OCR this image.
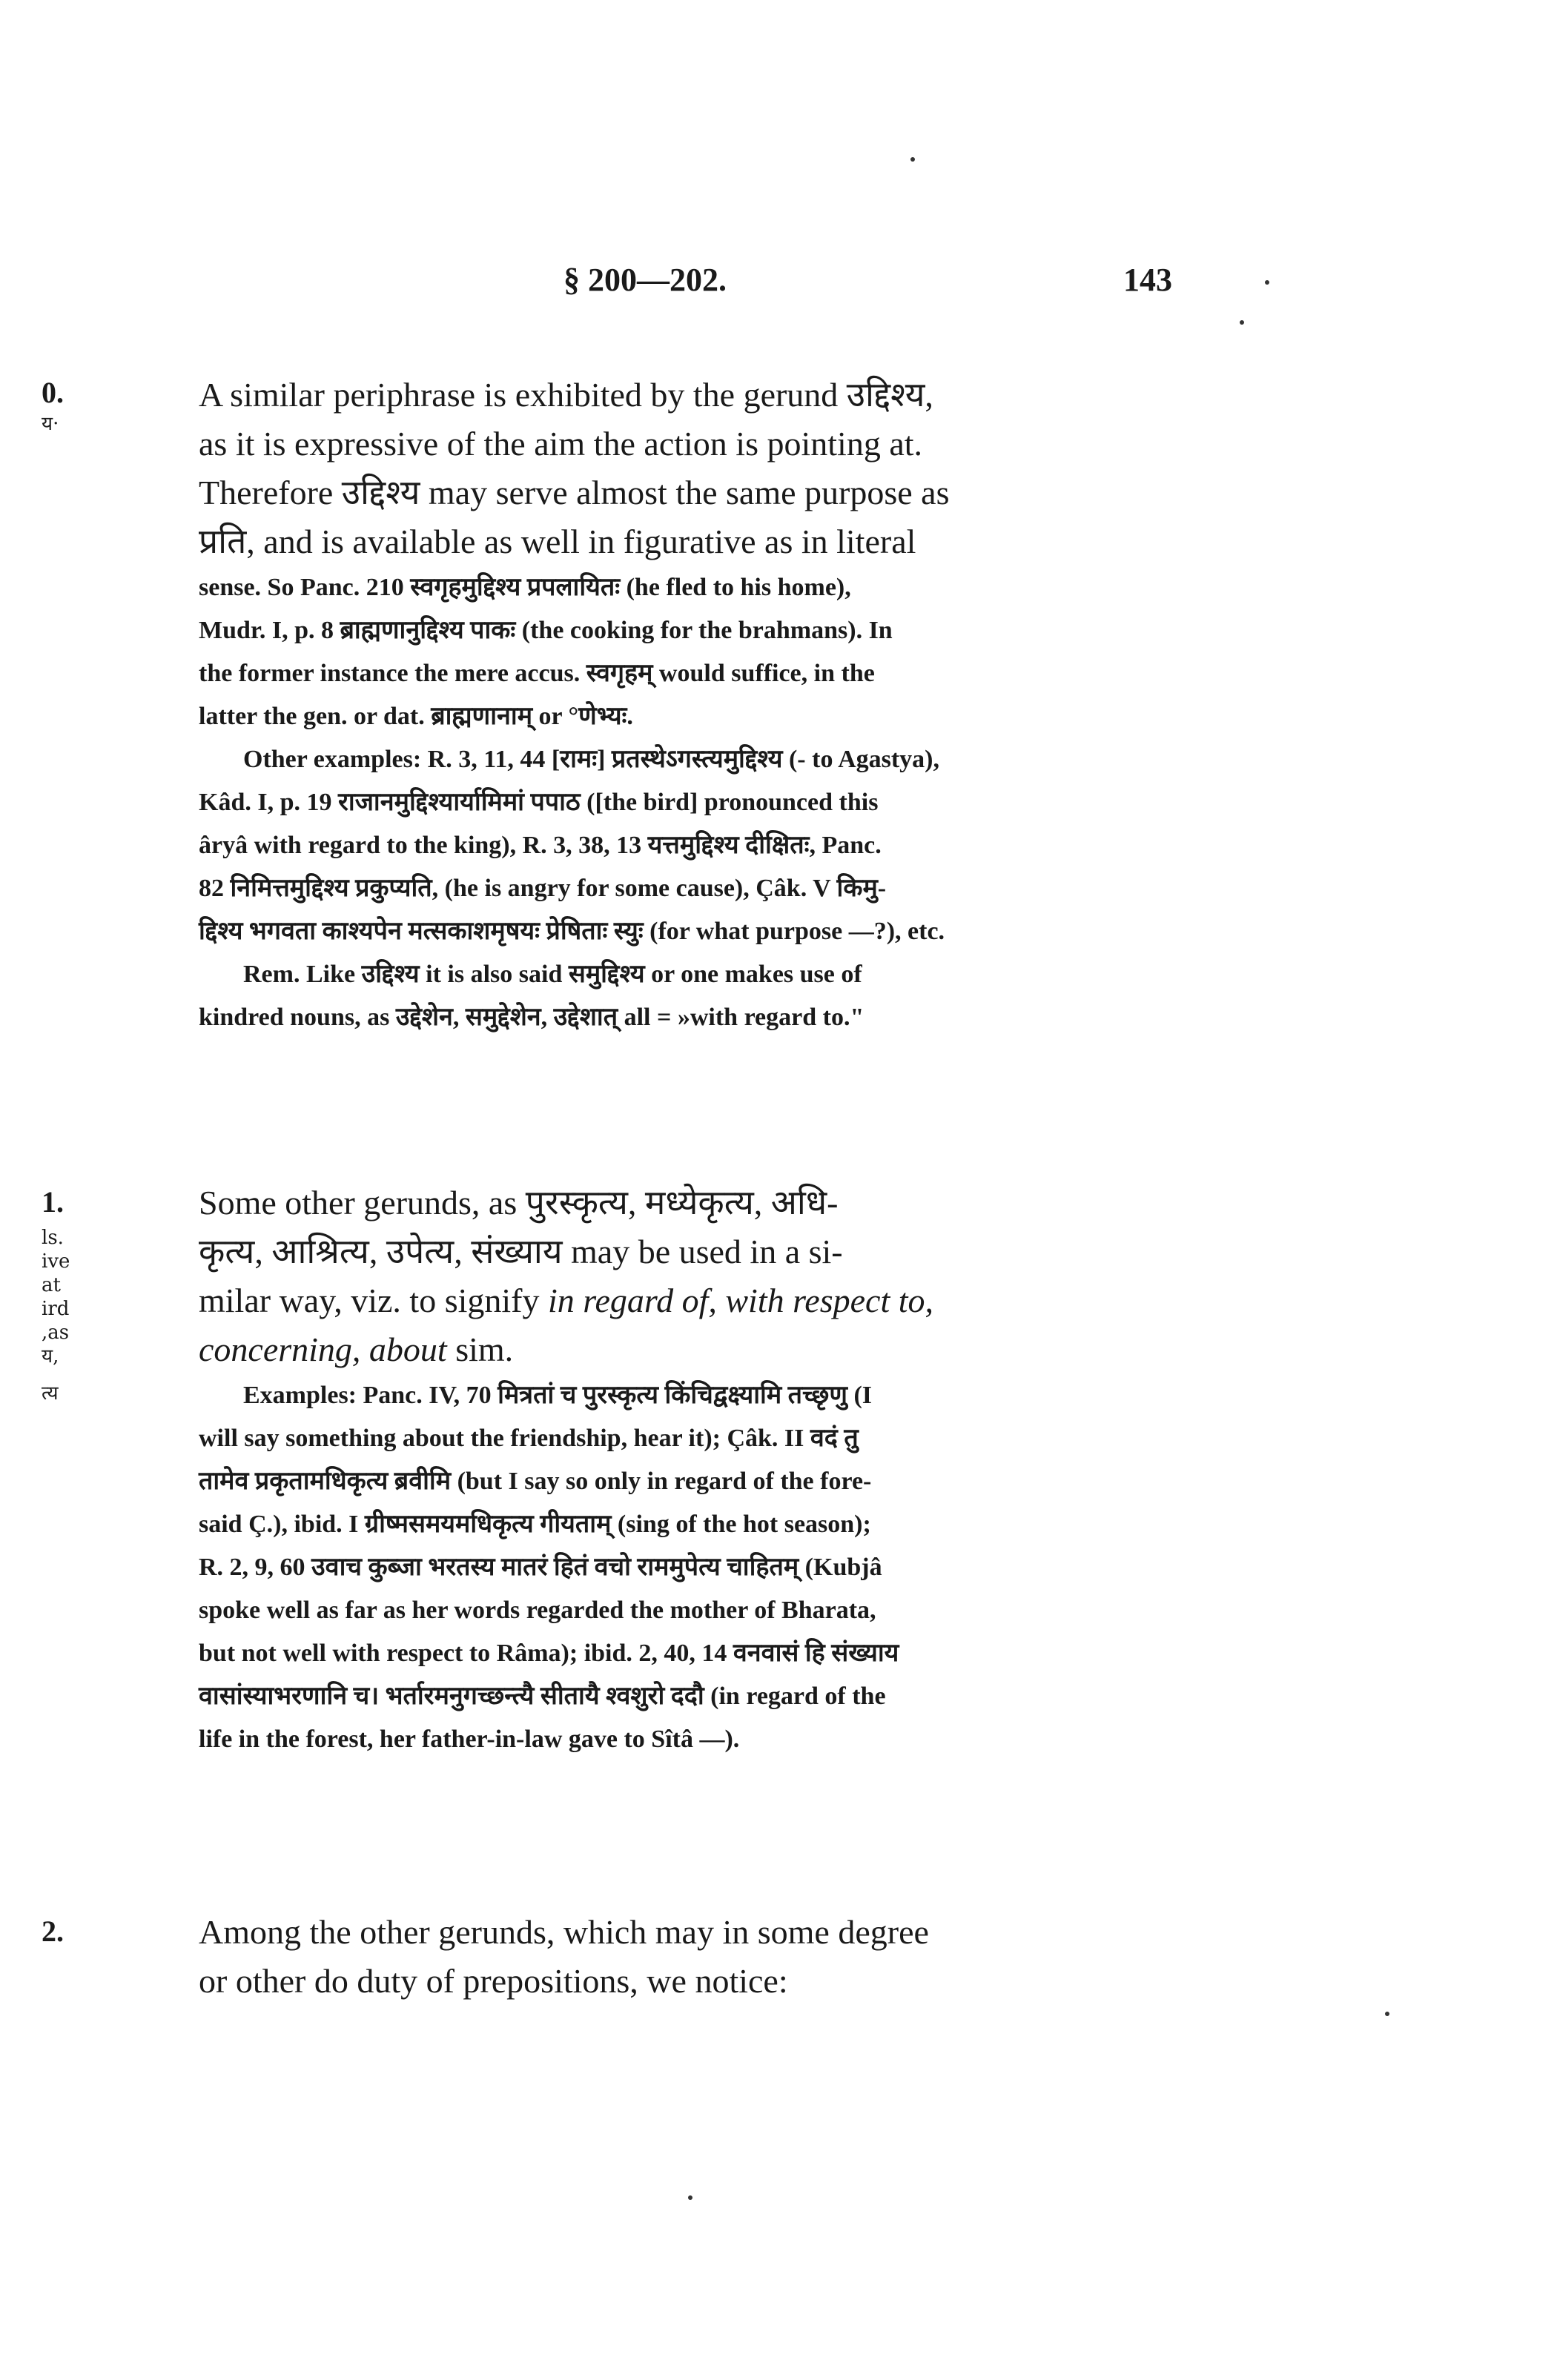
§ 200—202.	143
0.
य·
1.
ls.
ive
at
ird
,as
य,
त्य
2.

A similar periphrase is exhibited by the gerund उद्दिश्य,

as it is expressive of the aim the action is pointing at.

Therefore उद्दिश्य may serve almost the same purpose as

प्रति, and is available as well in figurative as in literal

sense. So Panc. 210 स्वगृहमुद्दिश्य प्रपलायितः (he fled to his home),

Mudr. I, p. 8 ब्राह्मणानुद्दिश्य पाकः (the cooking for the brahmans). In

the former instance the mere accus. स्वगृहम् would suffice, in the

latter the gen. or dat. ब्राह्मणानाम् or °णेभ्यः.

Other examples: R. 3, 11, 44 [रामः] प्रतस्थेऽगस्त्यमुद्दिश्य (- to Agastya),

Kâd. I, p. 19 राजानमुद्दिश्यार्यामिमां पपाठ ([the bird] pronounced this

âryâ with regard to the king), R. 3, 38, 13 यत्तमुद्दिश्य दीक्षितः, Panc.

82 निमित्तमुद्दिश्य प्रकुप्यति, (he is angry for some cause), Çâk. V किमु-

द्दिश्य भगवता काश्यपेन मत्सकाशमृषयः प्रेषिताः स्युः (for what purpose —?), etc.

Rem. Like उद्दिश्य it is also said समुद्दिश्य or one makes use of

kindred nouns, as उद्देशेन, समुद्देशेन, उद्देशात् all = »with regard to."

Some other gerunds, as पुरस्कृत्य, मध्येकृत्य, अधि-

कृत्य, आश्रित्य, उपेत्य, संख्याय may be used in a si-

milar way, viz. to signify in regard of, with respect to,

concerning, about sim.

Examples: Panc. IV, 70 मित्रतां च पुरस्कृत्य किंचिद्वक्ष्यामि तच्छृणु (I

will say something about the friendship, hear it); Çâk. II वदं तु

तामेव प्रकृतामधिकृत्य ब्रवीमि (but I say so only in regard of the fore-

said Ç.), ibid. I ग्रीष्मसमयमधिकृत्य गीयताम् (sing of the hot season);

R. 2, 9, 60 उवाच कुब्जा भरतस्य मातरं हितं वचो राममुपेत्य चाहितम् (Kubjâ

spoke well as far as her words regarded the mother of Bharata,

but not well with respect to Râma); ibid. 2, 40, 14 वनवासं हि संख्याय

वासांस्याभरणानि च। भर्तारमनुगच्छन्त्यै सीतायै श्वशुरो ददौ (in regard of the

life in the forest, her father-in-law gave to Sîtâ —).

Among the other gerunds, which may in some degree

or other do duty of prepositions, we notice:
